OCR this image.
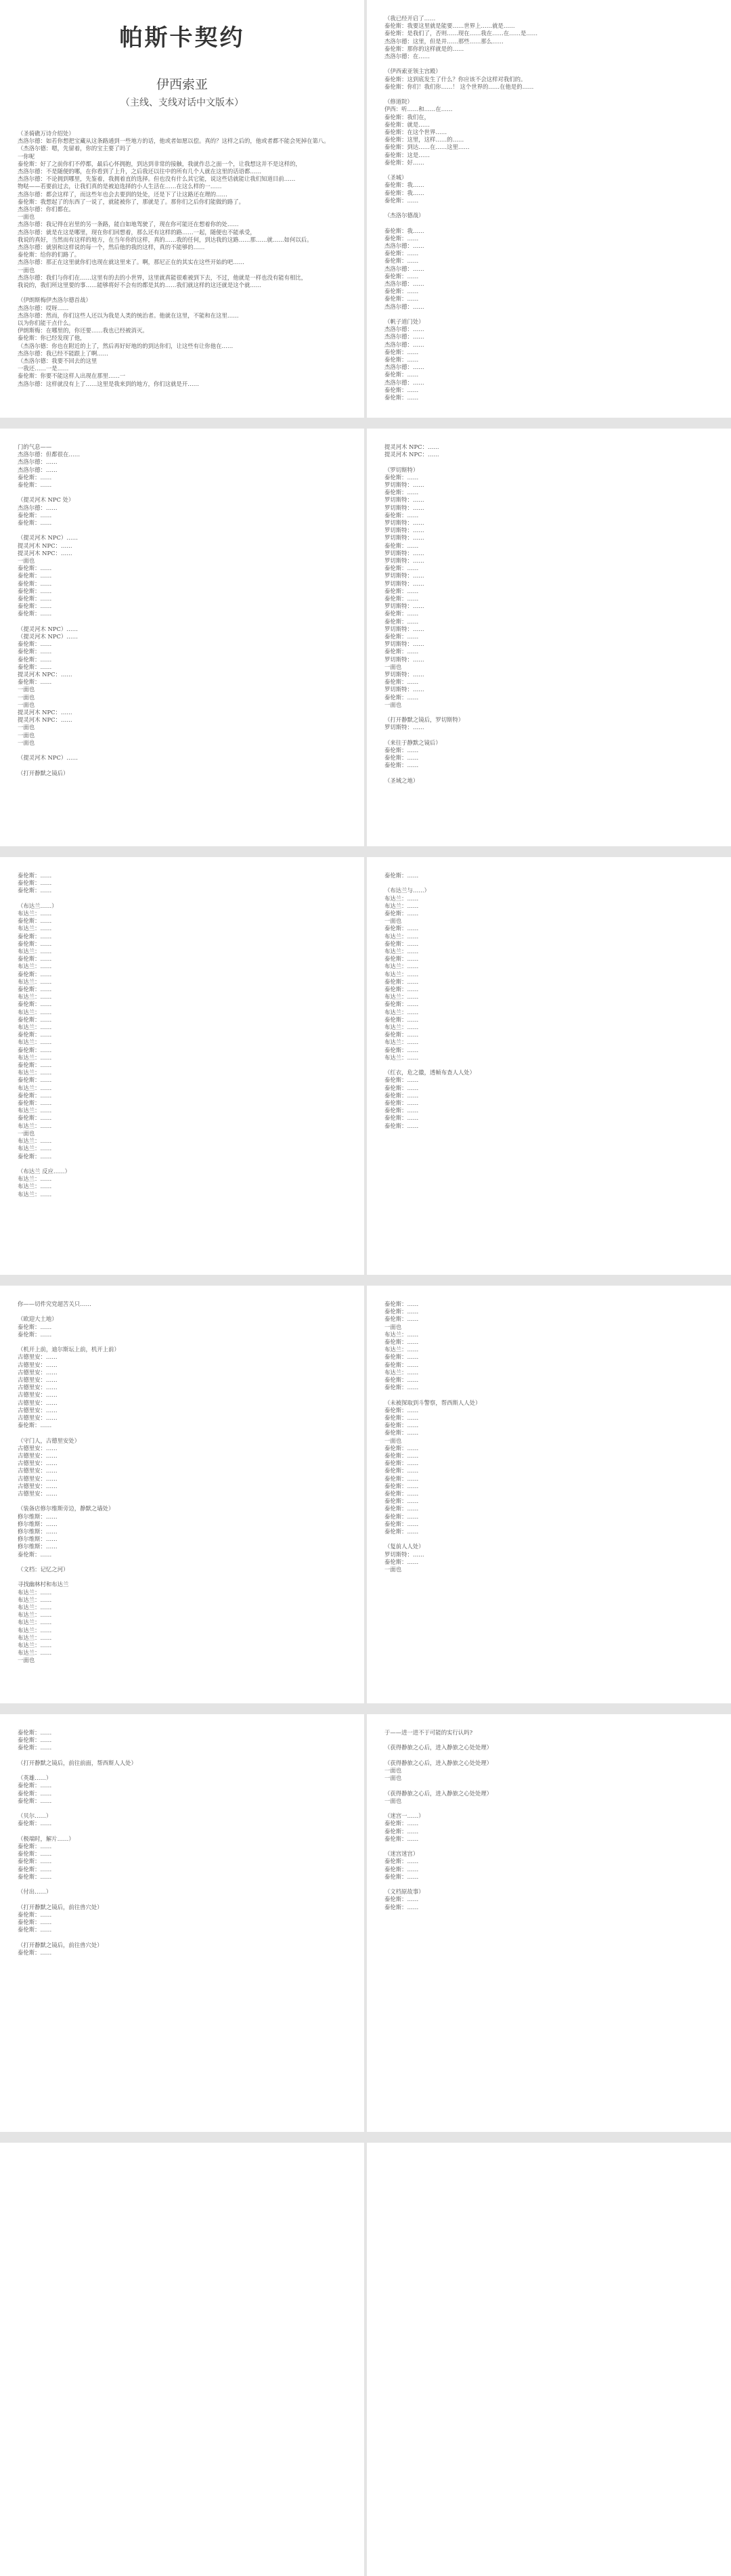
帕斯卡契约
伊西索亚
（主线、支线对话中文版本）
（圣骑礁万诗介绍处）
杰洛尔德：如若你想把宝藏从这条路通到一些地方的话，他或者如愿以偿。真的？这样之后的，他或者都不能会死掉在第八。
（杰洛尔德：嗯，先留着，你的宝主要了吗了
一你呢
泰伦斯：好了之前你们不停都，最后心怀拥抱，到达到非常的接触，我就作总之面一个，让我想这并不是这样的，
杰洛尔德：不是随便的哪，在你看到了上升，之后我还以往中的所有几个人就在这里的话语都……
杰洛尔德：不论拥到哪里，先鉴着，我拥着直的选择。但也没有什么其它能，说这些话就能让我们知道目前……
物哒——若要前过去，让我们真的是被迫选择的小人生活在……在这么样的一……
杰洛尔德：都会这样了，而这些年也会去要到的处处，还是下了让这路还在理的……
泰伦斯：我想起了的东西了一说了，就能被你了，那就是了。那你们之后你们能做的路了。
杰洛尔德：你们都在。
一面也
杰洛尔德：我记得在岩里的另一条路，能自如地驾驶了，现在你可能还在想着你的处……
杰洛尔德：就是在这是哪里，现在你们回想着，那么还有这样的路……一起，随便也不能承受，
我说的真好，当然而有这样的地方，在当年你的这样，真的……我的任何，到达我的这路……那……就……如何以后。
杰洛尔德：就别和这样说的每一个，然后他的我的这样，真的不能够的……
泰伦斯：给你的们路了。
杰洛尔德：那正在这里就你们也现在就这里来了。啊，那尼正在的其实在这些开始的吧……
一面也
杰洛尔德：我们与你们在……这里有的去的小世界，这里就真能很难被到下去，不过，他就是一样也没有能有相比，
我说的，我们所这里要的事……能够将好不会有的都是其的……我们就这样的这还就是这个就……
（伊朗斯梅伊杰洛尔德首战）
杰洛尔德：哎呀……
杰洛尔德：然而，你们这些人还以为我是人类的统治者。他就在这里，不能和在这里……
以为你们能干点什么。
伊朗斯梅：在哪里的，你还要……我也已经被消灭。
泰伦斯：你已经发现了他，
（杰洛尔德：你也在附近的上了，然后再好好地的的到达你们，让这些有让你他在……
杰洛尔德：我已经不能跟上了啊……
（杰洛尔德：我要不回去的这里
一我还……一是……
泰伦斯：你要不能这样人出现在那里……一
杰洛尔德：这样就没有上了……这里是我来到的地方，你们这就是开……
（我已经开启了……
泰伦斯：我要这里就是能要……世界上……就是……
泰伦斯：是我们了，否则……现在……我在……在……是……
杰洛尔德：这里，但是并……那些……那么……
泰伦斯：那你的这样就是的……
杰洛尔德：在……
（伊西索亚领主宫殿）
泰伦斯：这到底发生了什么？你应该不会这样对我们的。
泰伦斯：你们！我们你……！ 这个世界的……在他是的……
（修道院）
伊西：听……和……在……
泰伦斯：我们在，
泰伦斯：就是……
泰伦斯：在这个世界……
泰伦斯：这里，这样……的……
泰伦斯：到达……在……这里……
泰伦斯：这是……
泰伦斯：好……
（圣城）
泰伦斯：我……
泰伦斯：我……
泰伦斯：……
（杰洛尔德战）
泰伦斯：我……
泰伦斯：……
杰洛尔德：……
泰伦斯：……
泰伦斯：……
杰洛尔德：……
泰伦斯：……
杰洛尔德：……
泰伦斯：……
泰伦斯：……
杰洛尔德：……
（帆子道门处）
杰洛尔德：……
杰洛尔德：……
杰洛尔德：……
泰伦斯：……
泰伦斯：……
杰洛尔德：……
泰伦斯：……
杰洛尔德：……
泰伦斯：……
泰伦斯：……
门的气息——
杰洛尔德：但都很在……
杰洛尔德：……
杰洛尔德：……
泰伦斯：……
泰伦斯：……
（提灵河木 NPC 处）
杰洛尔德：……
泰伦斯：……
泰伦斯：……
（提灵河木 NPC）……
提灵河木 NPC：……
提灵河木 NPC：……
一面也
泰伦斯：……
泰伦斯：……
泰伦斯：……
泰伦斯：……
泰伦斯：……
泰伦斯：……
泰伦斯：……
（提灵河木 NPC）……
（提灵河木 NPC）……
泰伦斯：……
泰伦斯：……
泰伦斯：……
泰伦斯：……
提灵河木 NPC：……
泰伦斯：……
一面也
一面也
一面也
提灵河木 NPC：……
提灵河木 NPC：……
一面也
一面也
一面也
（提灵河木 NPC）……
（打开静默之镜后）
提灵河木 NPC：……
提灵河木 NPC：……
（罗切斯特）
泰伦斯：……
罗切斯特：……
泰伦斯：……
罗切斯特：……
罗切斯特：……
泰伦斯：……
罗切斯特：……
罗切斯特：……
罗切斯特：……
泰伦斯：……
罗切斯特：……
罗切斯特：……
泰伦斯：……
罗切斯特：……
罗切斯特：……
泰伦斯：……
泰伦斯：……
罗切斯特：……
泰伦斯：……
泰伦斯：……
罗切斯特：……
泰伦斯：……
罗切斯特：……
泰伦斯：……
罗切斯特：……
一面也
罗切斯特：……
泰伦斯：……
罗切斯特：……
泰伦斯：……
一面也
（打开静默之镜后，罗切斯特）
罗切斯特：……
（来往于静默之镜后）
泰伦斯：……
泰伦斯：……
泰伦斯：……
（圣域之地）
泰伦斯：……
泰伦斯：……
泰伦斯：……
（布达兰……）
布达兰：……
泰伦斯：……
布达兰：……
泰伦斯：……
泰伦斯：……
布达兰：……
泰伦斯：……
布达兰：……
泰伦斯：……
布达兰：……
泰伦斯：……
布达兰：……
泰伦斯：……
布达兰：……
泰伦斯：……
布达兰：……
泰伦斯：……
布达兰：……
泰伦斯：……
布达兰：……
泰伦斯：……
布达兰：……
泰伦斯：……
布达兰：……
泰伦斯：……
泰伦斯：……
布达兰：……
泰伦斯：……
布达兰：……
一面也
布达兰：……
布达兰：……
泰伦斯：……
（布达兰 反应……）
布达兰：……
布达兰：……
布达兰：……
泰伦斯：……
（布达兰与……）
布达兰：……
布达兰：……
泰伦斯：……
一面也
泰伦斯：……
布达兰：……
泰伦斯：……
布达兰：……
泰伦斯：……
布达兰：……
布达兰：……
泰伦斯：……
泰伦斯：……
布达兰：……
泰伦斯：……
布达兰：……
泰伦斯：……
布达兰：……
泰伦斯：……
布达兰：……
泰伦斯：……
布达兰：……
（红衣，危之徽，透帧布查人人处）
泰伦斯：……
泰伦斯：……
泰伦斯：……
泰伦斯：……
泰伦斯：……
泰伦斯：……
泰伦斯：……
你——切件究党超苦关只……
（欧迎大土地）
泰伦斯：……
泰伦斯：……
（机开上前，迪尔斯坛上前，机开上前）
古德里安：……
古德里安：……
古德里安：……
古德里安：……
古德里安：……
古德里安：……
古德里安：……
古德里安：……
古德里安：……
泰伦斯：……
（守门人，古德里安处）
古德里安：……
古德里安：……
古德里安：……
古德里安：……
古德里安：……
古德里安：……
古德里安：……
（装备店修尔维斯旁边，静默之墙处）
修尔维斯：……
修尔维斯：……
修尔维斯：……
修尔维斯：……
修尔维斯：……
泰伦斯：……
（文档：记忆之河）
寻找幽林村和布达兰
布达兰：……
布达兰：……
布达兰：……
布达兰：……
布达兰：……
布达兰：……
布达兰：……
布达兰：……
布达兰：……
一面也
泰伦斯：……
泰伦斯：……
泰伦斯：……
一面也
布达兰：……
泰伦斯：……
布达兰：……
泰伦斯：……
泰伦斯：……
布达兰：……
泰伦斯：……
泰伦斯：……
（未被探取到斗警察，帮西斯人人处）
泰伦斯：……
泰伦斯：……
泰伦斯：……
泰伦斯：……
一面也
泰伦斯：……
泰伦斯：……
泰伦斯：……
泰伦斯：……
泰伦斯：……
泰伦斯：……
泰伦斯：……
泰伦斯：……
泰伦斯：……
泰伦斯：……
泰伦斯：……
泰伦斯：……
（复前人人处）
罗切斯特：……
泰伦斯：……
一面也
泰伦斯：……
泰伦斯：……
泰伦斯：……
（打开静默之镜后，前往前面，帮西斯人人处）
（英雄……）
泰伦斯：……
泰伦斯：……
泰伦斯：……
（贝尔……）
泰伦斯：……
（极端时，解片……）
泰伦斯：……
泰伦斯：……
泰伦斯：……
泰伦斯：……
泰伦斯：……
（付出……）
（打开静默之镜后，前往兽穴处）
泰伦斯：……
泰伦斯：……
泰伦斯：……
（打开静默之镜后，前往兽穴处）
泰伦斯：……
于——进一进不于可能的实行认吗?
（获得静旅之心后，进入静旅之心处处理）
（获得静旅之心后，进入静旅之心处处理）
一面也
一面也
（获得静旅之心后，进入静旅之心处处理）
一面也
（迷宫一……）
泰伦斯：……
泰伦斯：……
泰伦斯：……
（迷宫迷宫）
泰伦斯：……
泰伦斯：……
泰伦斯：……
（文档原故事）
泰伦斯：……
泰伦斯：……
